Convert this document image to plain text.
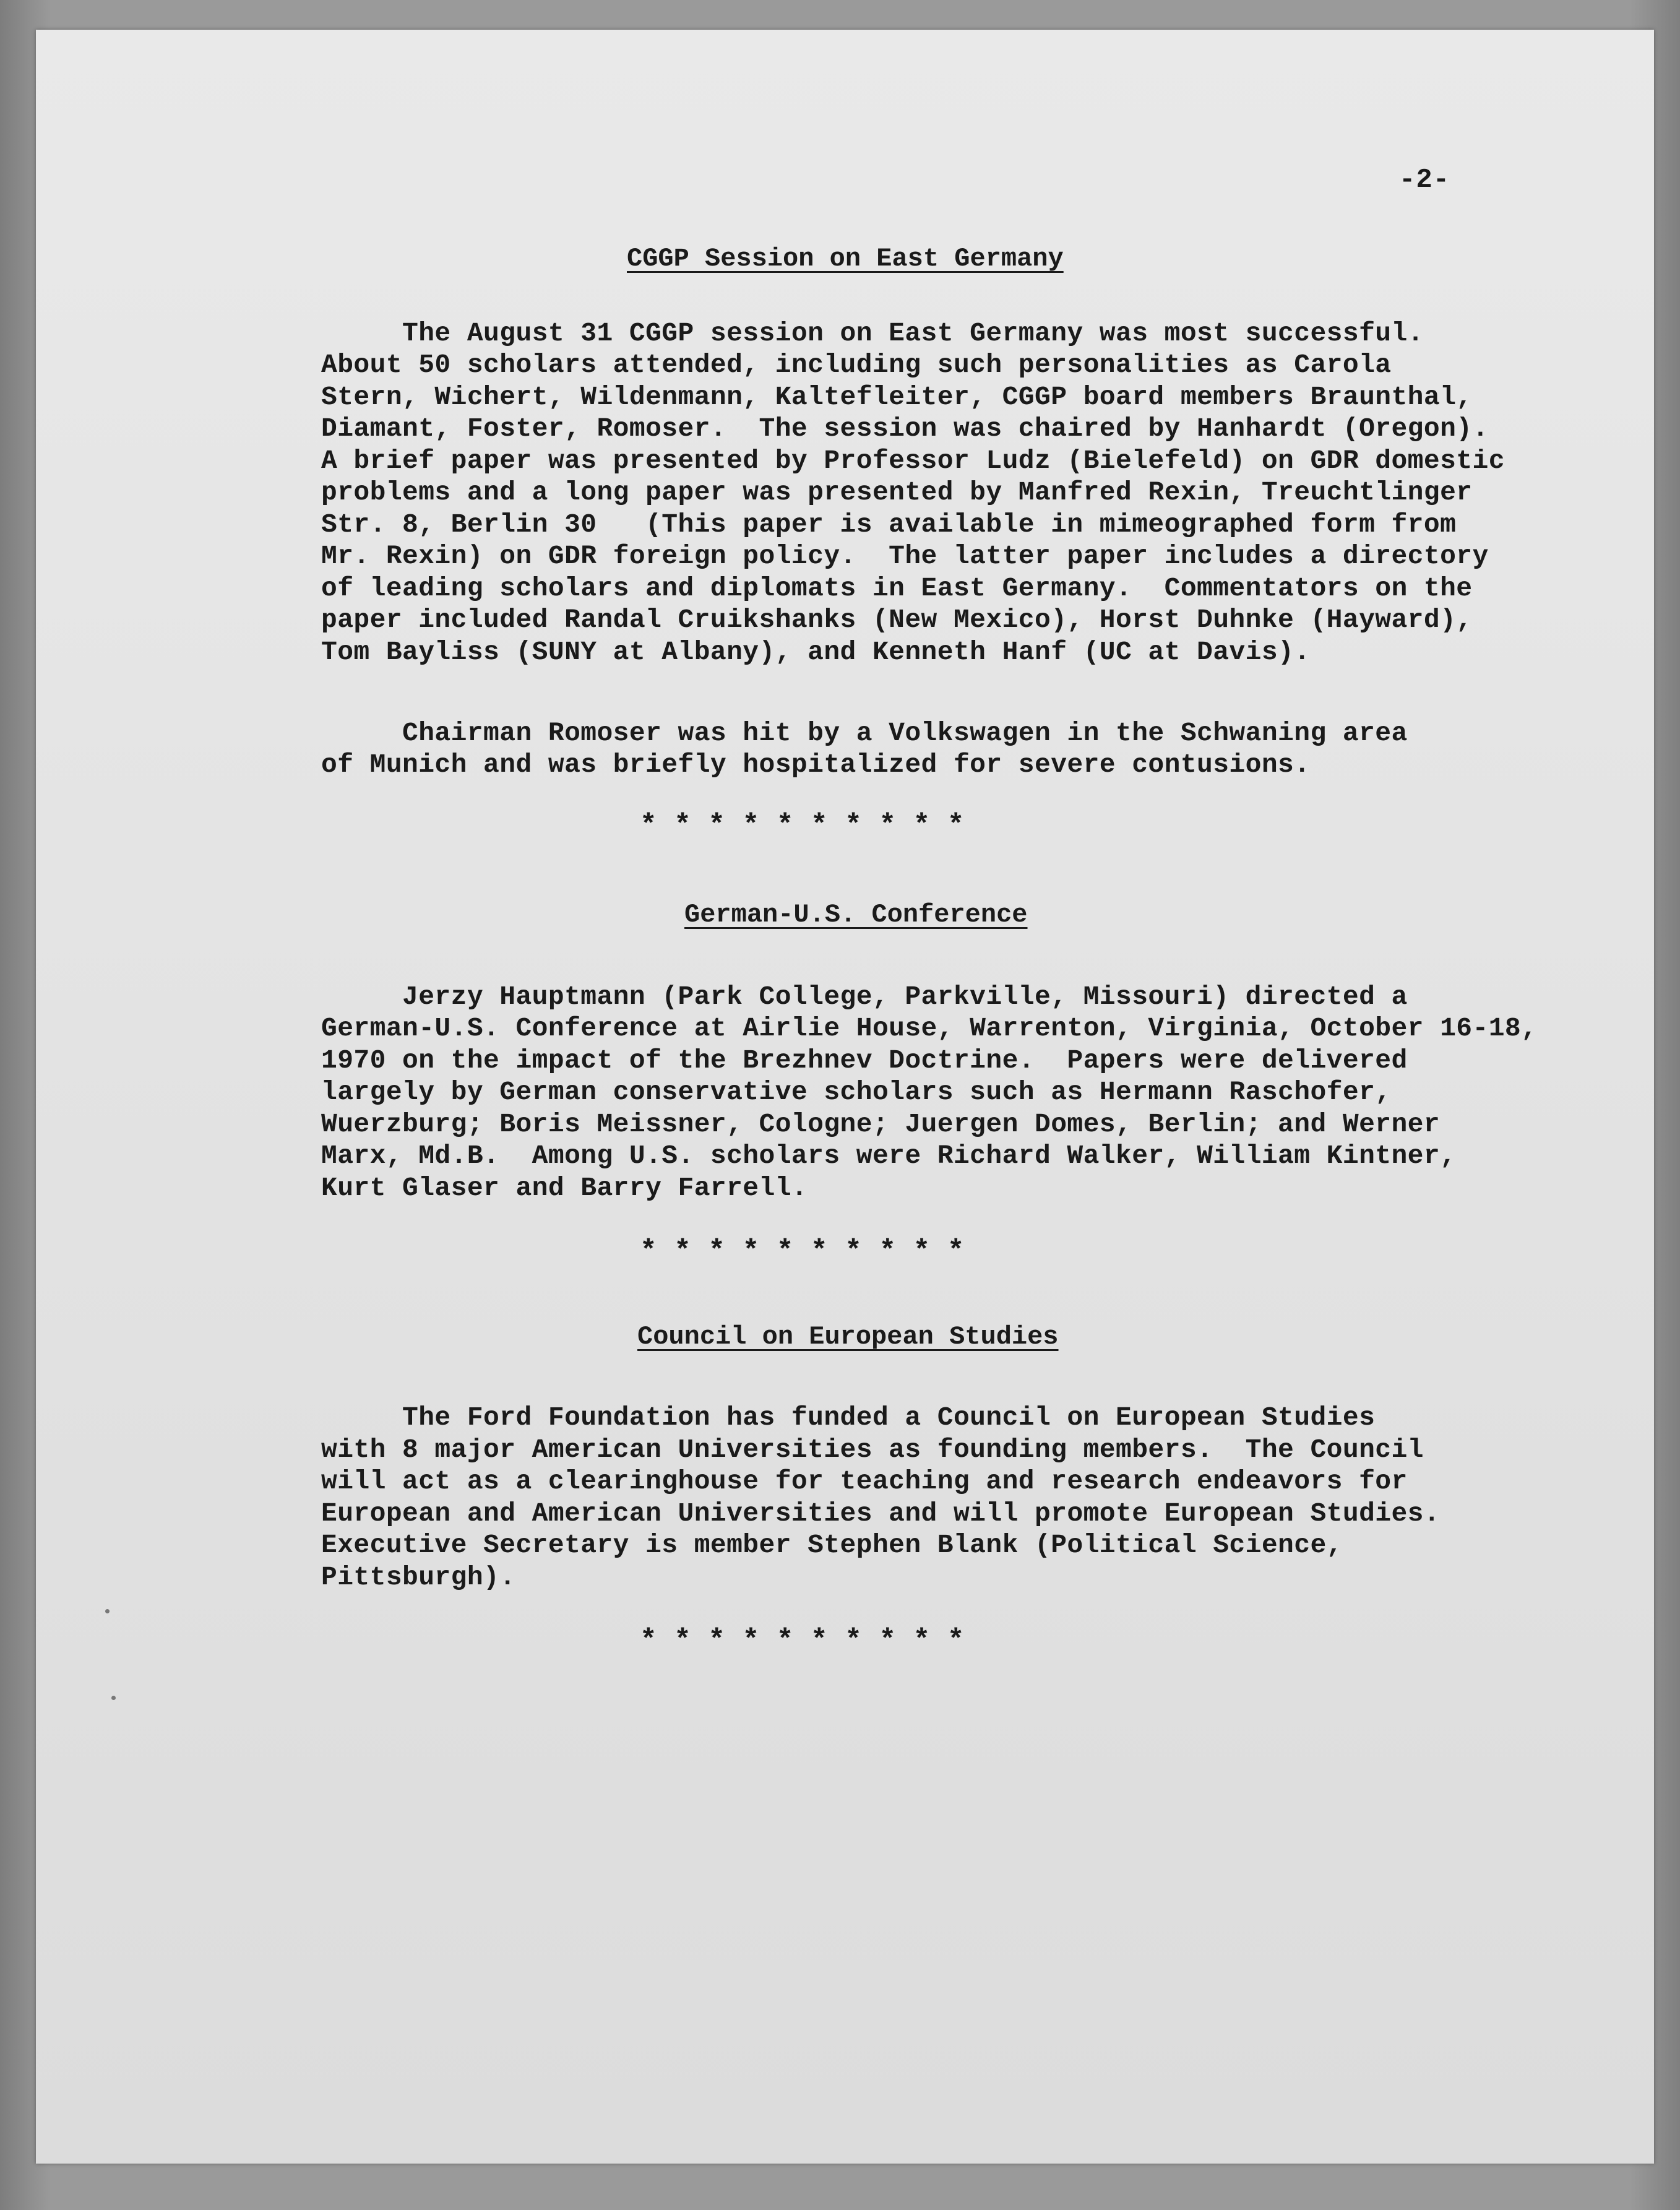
-2-
CGGP Session on East Germany
The August 31 CGGP session on East Germany was most successful.
About 50 scholars attended, including such personalities as Carola
Stern, Wichert, Wildenmann, Kaltefleiter, CGGP board members Braunthal,
Diamant, Foster, Romoser.  The session was chaired by Hanhardt (Oregon).
A brief paper was presented by Professor Ludz (Bielefeld) on GDR domestic
problems and a long paper was presented by Manfred Rexin, Treuchtlinger
Str. 8, Berlin 30   (This paper is available in mimeographed form from
Mr. Rexin) on GDR foreign policy.  The latter paper includes a directory
of leading scholars and diplomats in East Germany.  Commentators on the
paper included Randal Cruikshanks (New Mexico), Horst Duhnke (Hayward),
Tom Bayliss (SUNY at Albany), and Kenneth Hanf (UC at Davis).
Chairman Romoser was hit by a Volkswagen in the Schwaning area
of Munich and was briefly hospitalized for severe contusions.
* * * * * * * * * *
German-U.S. Conference
Jerzy Hauptmann (Park College, Parkville, Missouri) directed a
German-U.S. Conference at Airlie House, Warrenton, Virginia, October 16-18,
1970 on the impact of the Brezhnev Doctrine.  Papers were delivered
largely by German conservative scholars such as Hermann Raschofer,
Wuerzburg; Boris Meissner, Cologne; Juergen Domes, Berlin; and Werner
Marx, Md.B.  Among U.S. scholars were Richard Walker, William Kintner,
Kurt Glaser and Barry Farrell.
* * * * * * * * * *
Council on European Studies
The Ford Foundation has funded a Council on European Studies
with 8 major American Universities as founding members.  The Council
will act as a clearinghouse for teaching and research endeavors for
European and American Universities and will promote European Studies.
Executive Secretary is member Stephen Blank (Political Science,
Pittsburgh).
* * * * * * * * * *
